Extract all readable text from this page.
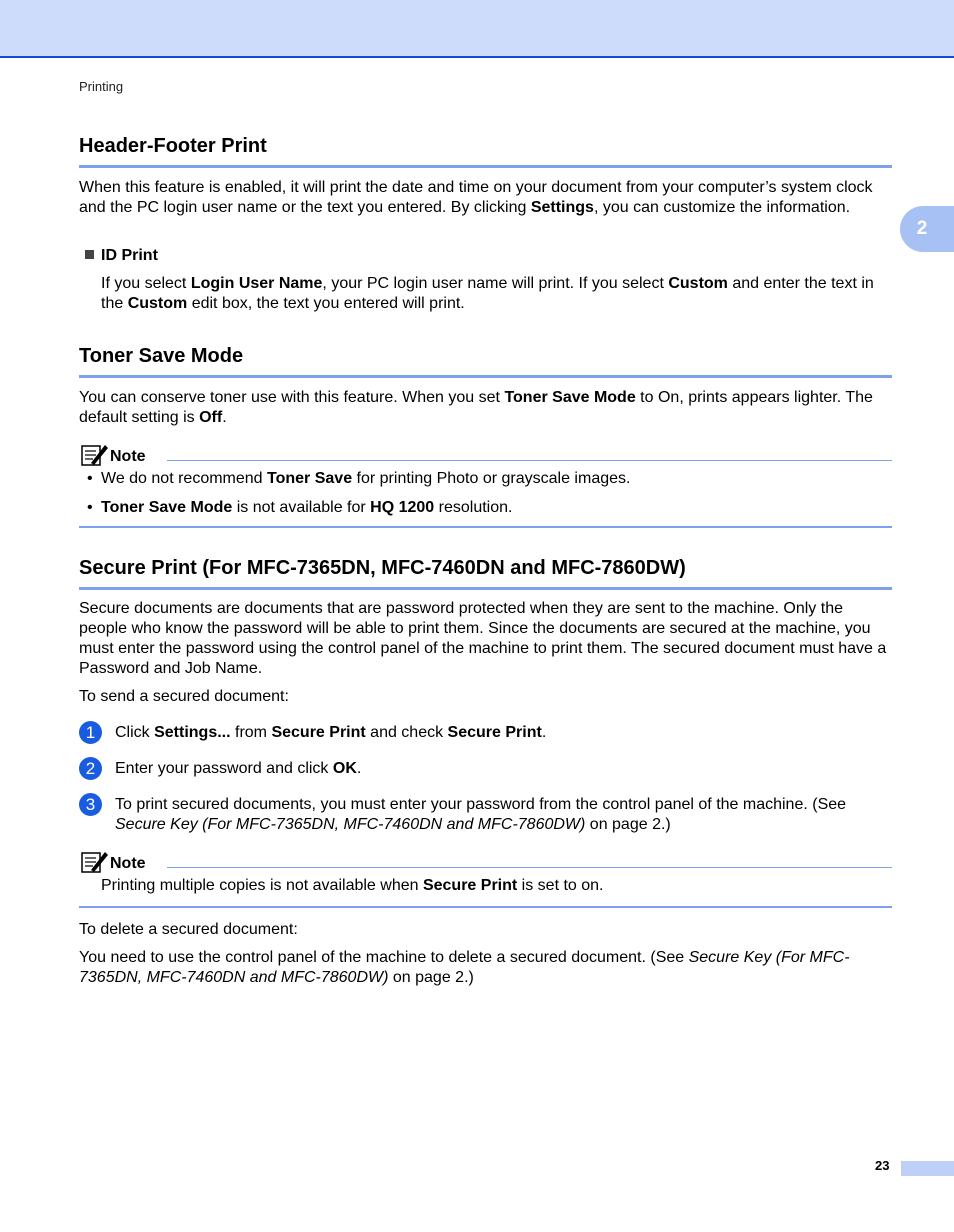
Printing
2
Header-Footer Print
When this feature is enabled, it will print the date and time on your document from your computer’s system clock and the PC login user name or the text you entered. By clicking Settings, you can customize the information.
ID Print
If you select Login User Name, your PC login user name will print. If you select Custom and enter the text in the Custom edit box, the text you entered will print.
Toner Save Mode
You can conserve toner use with this feature. When you set Toner Save Mode to On, prints appears lighter. The default setting is Off.
Note
• We do not recommend Toner Save for printing Photo or grayscale images.
• Toner Save Mode is not available for HQ 1200 resolution.
Secure Print (For MFC-7365DN, MFC-7460DN and MFC-7860DW)
Secure documents are documents that are password protected when they are sent to the machine. Only the people who know the password will be able to print them. Since the documents are secured at the machine, you must enter the password using the control panel of the machine to print them. The secured document must have a Password and Job Name.
To send a secured document:
1	Click Settings... from Secure Print and check Secure Print.
2	Enter your password and click OK.
3	To print secured documents, you must enter your password from the control panel of the machine. (See Secure Key (For MFC-7365DN, MFC-7460DN and MFC-7860DW) on page 2.)
Note
Printing multiple copies is not available when Secure Print is set to on.
To delete a secured document:
You need to use the control panel of the machine to delete a secured document. (See Secure Key (For MFC-7365DN, MFC-7460DN and MFC-7860DW) on page 2.)
23
